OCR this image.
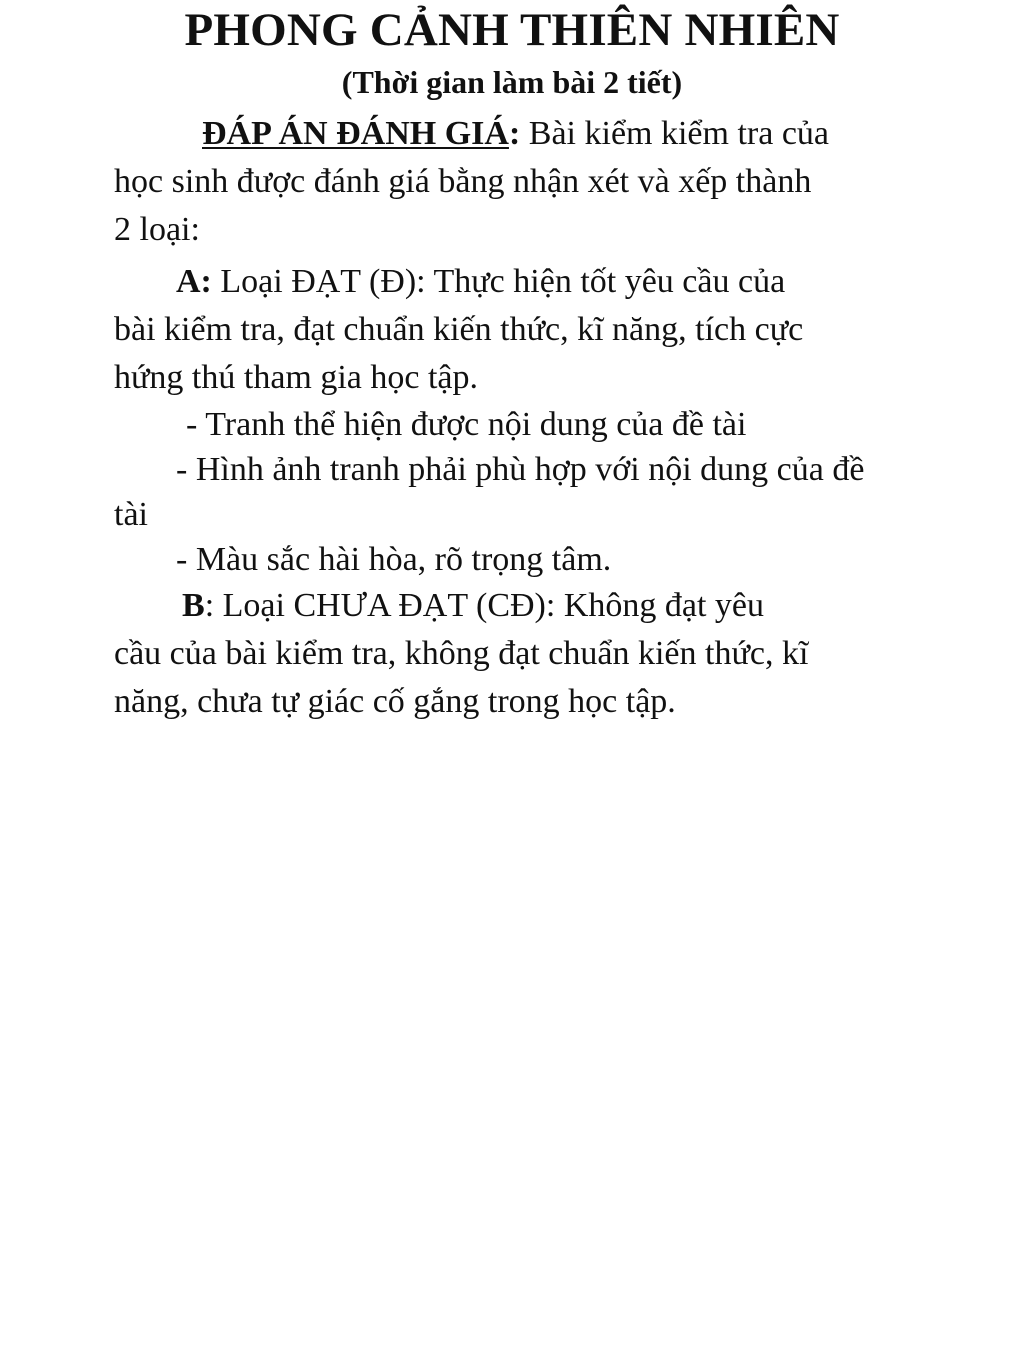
PHONG CẢNH THIÊN NHIÊN
(Thời gian làm bài 2 tiết)
ĐÁP ÁN ĐÁNH GIÁ: Bài kiểm kiểm tra của
học sinh được đánh giá bằng nhận xét và xếp thành
2 loại:
A: Loại ĐẠT (Đ): Thực hiện tốt yêu cầu của
bài kiểm tra, đạt chuẩn kiến thức, kĩ năng, tích cực
hứng thú tham gia học tập.
- Tranh thể hiện được nội dung của đề tài
- Hình ảnh tranh phải phù hợp với nội dung của đề
tài
- Màu sắc hài hòa, rõ trọng tâm.
B: Loại CHƯA ĐẠT (CĐ): Không đạt yêu
cầu của bài kiểm tra, không đạt chuẩn kiến thức, kĩ
năng, chưa tự giác cố gắng trong học tập.
